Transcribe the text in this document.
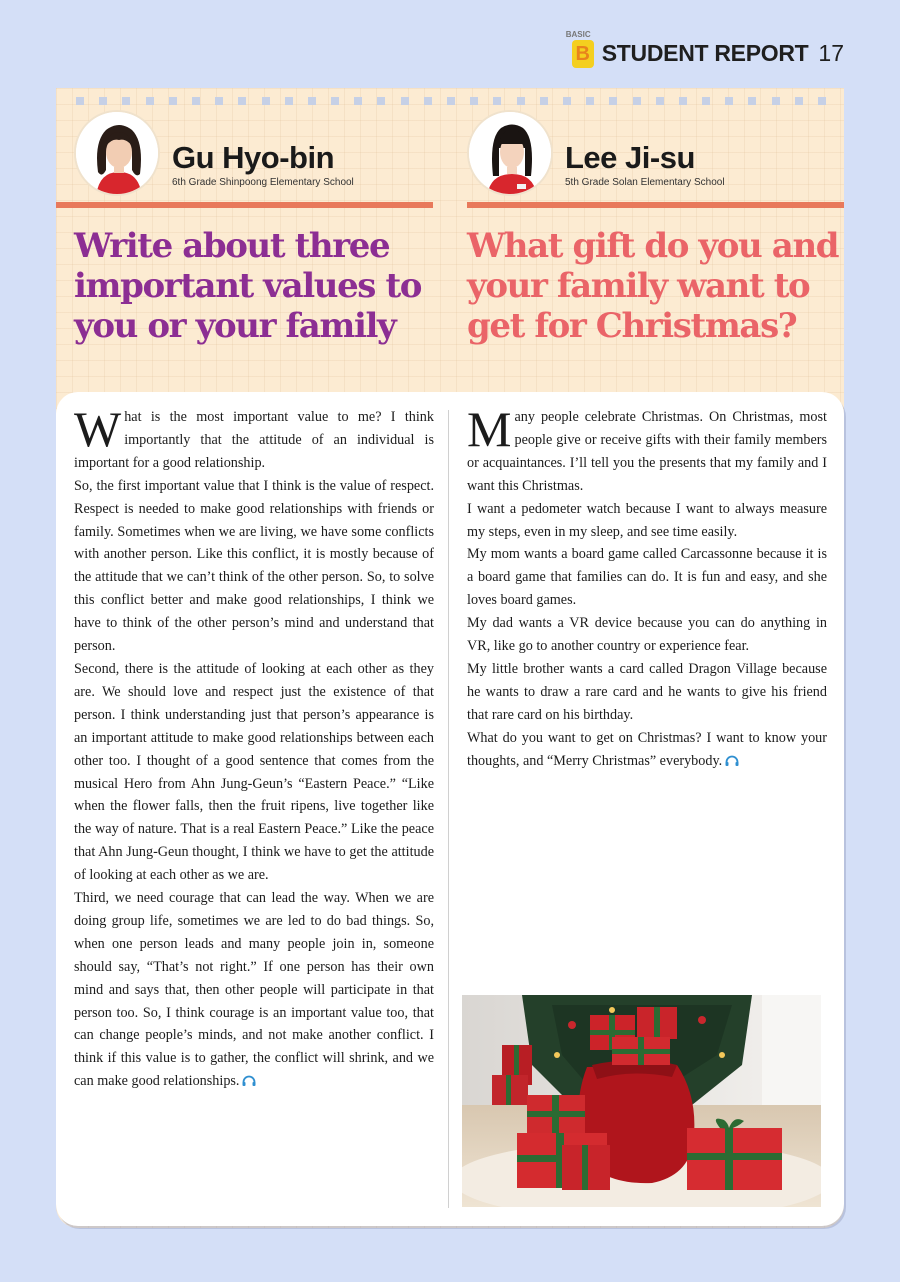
BASIC
B STUDENT REPORT 17
Gu Hyo-bin
6th Grade Shinpoong Elementary School
Lee Ji-su
5th Grade Solan Elementary School
Write about three important values to you or your family
What gift do you and your family want to get for Christmas?

What is the most important value to me? I think importantly that the attitude of an individual is important for a good relationship.

So, the first important value that I think is the value of respect. Respect is needed to make good relationships with friends or family. Sometimes when we are living, we have some conflicts with another person. Like this conflict, it is mostly because of the attitude that we can’t think of the other person. So, to solve this conflict better and make good relationships, I think we have to think of the other person’s mind and understand that person.

Second, there is the attitude of looking at each other as they are. We should love and respect just the existence of that person. I think understanding just that person’s appearance is an important attitude to make good relationships between each other too. I thought of a good sentence that comes from the musical Hero from Ahn Jung-Geun’s “Eastern Peace.” “Like when the flower falls, then the fruit ripens, live together like the way of nature. That is a real Eastern Peace.” Like the peace that Ahn Jung-Geun thought, I think we have to get the attitude of looking at each other as we are.

Third, we need courage that can lead the way. When we are doing group life, sometimes we are led to do bad things. So, when one person leads and many people join in, someone should say, “That’s not right.” If one person has their own mind and says that, then other people will participate in that person too. So, I think courage is an important value too, that can change people’s minds, and not make another conflict. I think if this value is to gather, the conflict will shrink, and we can make good relationships.

Many people celebrate Christmas. On Christmas, most people give or receive gifts with their family members or acquaintances. I’ll tell you the presents that my family and I want this Christmas.

I want a pedometer watch because I want to always measure my steps, even in my sleep, and see time easily.

My mom wants a board game called Carcassonne because it is a board game that families can do. It is fun and easy, and she loves board games.

My dad wants a VR device because you can do anything in VR, like go to another country or experience fear.

My little brother wants a card called Dragon Village because he wants to draw a rare card and he wants to give his friend that rare card on his birthday.

What do you want to get on Christmas? I want to know your thoughts, and “Merry Christmas” everybody.
